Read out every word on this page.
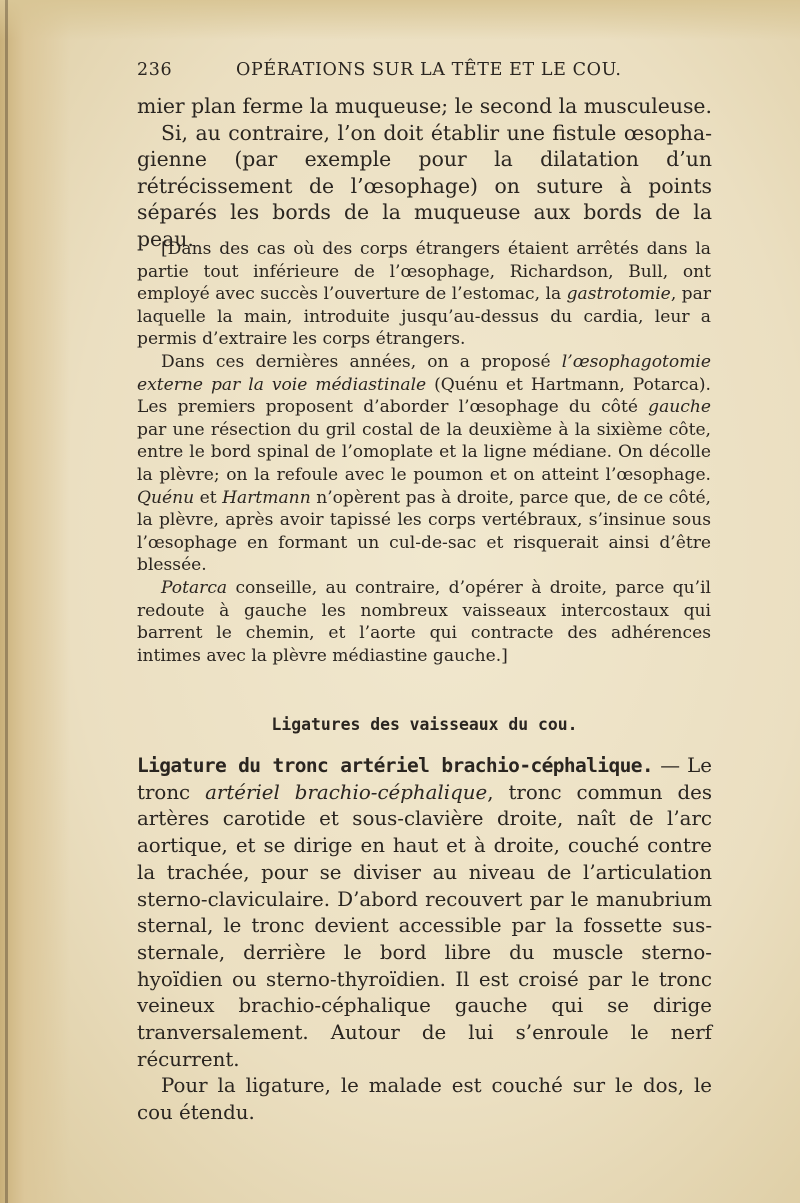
236	OPÉRATIONS SUR LA TÊTE ET LE COU.

mier plan ferme la muqueuse; le second la musculeuse.

Si, au contraire, l’on doit établir une fistule œsopha-gienne (par exemple pour la dilatation d’un rétrécissement de l’œsophage) on suture à points séparés les bords de la muqueuse aux bords de la peau.

[Dans des cas où des corps étrangers étaient arrêtés dans la partie tout inférieure de l’œsophage, Richardson, Bull, ont employé avec succès l’ouverture de l’estomac, la gastrotomie, par laquelle la main, introduite jusqu’au-dessus du cardia, leur a permis d’extraire les corps étrangers.

Dans ces dernières années, on a proposé l’œsophagotomie externe par la voie médiastinale (Quénu et Hartmann, Potarca). Les premiers proposent d’aborder l’œsophage du côté gauche par une résection du gril costal de la deuxième à la sixième côte, entre le bord spinal de l’omoplate et la ligne médiane. On décolle la plèvre; on la refoule avec le poumon et on atteint l’œsophage. Quénu et Hartmann n’opèrent pas à droite, parce que, de ce côté, la plèvre, après avoir tapissé les corps vertébraux, s’insinue sous l’œsophage en formant un cul-de-sac et risquerait ainsi d’être blessée.

Potarca conseille, au contraire, d’opérer à droite, parce qu’il redoute à gauche les nombreux vaisseaux intercostaux qui barrent le chemin, et l’aorte qui contracte des adhérences intimes avec la plèvre médiastine gauche.]

Ligatures des vaisseaux du cou.

Ligature du tronc artériel brachio-céphalique. — Le tronc artériel brachio-céphalique, tronc commun des artères carotide et sous-clavière droite, naît de l’arc aortique, et se dirige en haut et à droite, couché contre la trachée, pour se diviser au niveau de l’articulation sterno-claviculaire. D’abord recouvert par le manubrium sternal, le tronc devient accessible par la fossette sus-sternale, derrière le bord libre du muscle sterno-hyoïdien ou sterno-thyroïdien. Il est croisé par le tronc veineux brachio-céphalique gauche qui se dirige tranversalement. Autour de lui s’enroule le nerf récurrent.

Pour la ligature, le malade est couché sur le dos, le cou étendu.
